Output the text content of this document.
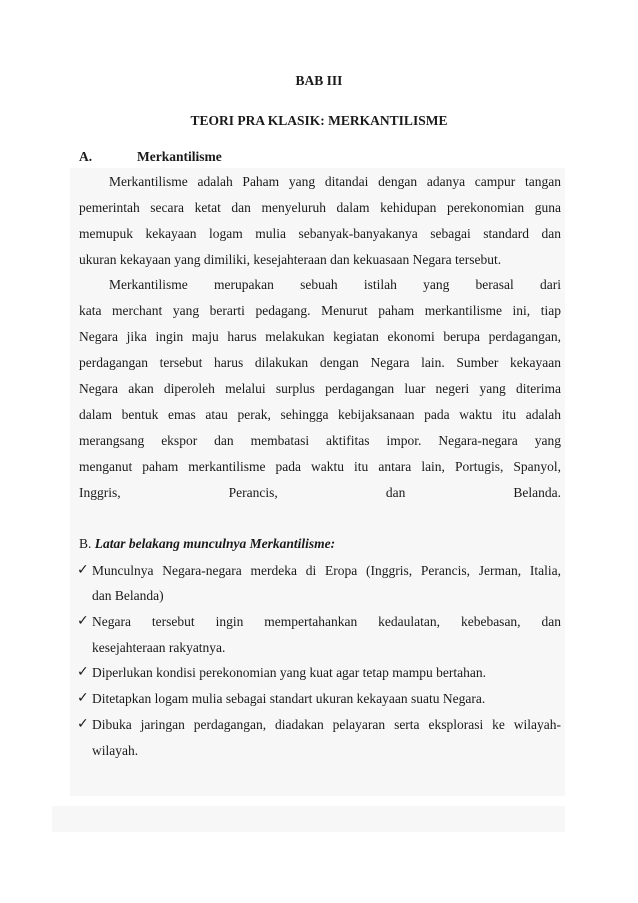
BAB III
TEORI PRA KLASIK: MERKANTILISME
A.	Merkantilisme
Merkantilisme adalah Paham yang ditandai dengan adanya campur tangan
pemerintah secara ketat dan menyeluruh dalam kehidupan perekonomian guna
memupuk kekayaan logam mulia sebanyak-banyakanya sebagai standard dan
ukuran kekayaan yang dimiliki, kesejahteraan dan kekuasaan Negara tersebut.
Merkantilisme merupakan sebuah istilah yang berasal dari
kata merchant yang berarti pedagang. Menurut paham merkantilisme ini, tiap
Negara jika ingin maju harus melakukan kegiatan ekonomi berupa perdagangan,
perdagangan tersebut harus dilakukan dengan Negara lain. Sumber kekayaan
Negara akan diperoleh melalui surplus perdagangan luar negeri yang diterima
dalam bentuk emas atau perak, sehingga kebijaksanaan pada waktu itu adalah
merangsang ekspor dan membatasi aktifitas impor. Negara-negara yang
menganut paham merkantilisme pada waktu itu antara lain, Portugis, Spanyol,
Inggris, Perancis, dan Belanda.
B. Latar belakang munculnya Merkantilisme:
✓ Munculnya Negara-negara merdeka di Eropa (Inggris, Perancis, Jerman, Italia,
dan Belanda)
✓ Negara tersebut ingin mempertahankan kedaulatan, kebebasan, dan
kesejahteraan rakyatnya.
✓ Diperlukan kondisi perekonomian yang kuat agar tetap mampu bertahan.
✓ Ditetapkan logam mulia sebagai standart ukuran kekayaan suatu Negara.
✓ Dibuka jaringan perdagangan, diadakan pelayaran serta eksplorasi ke wilayah-
wilayah.
